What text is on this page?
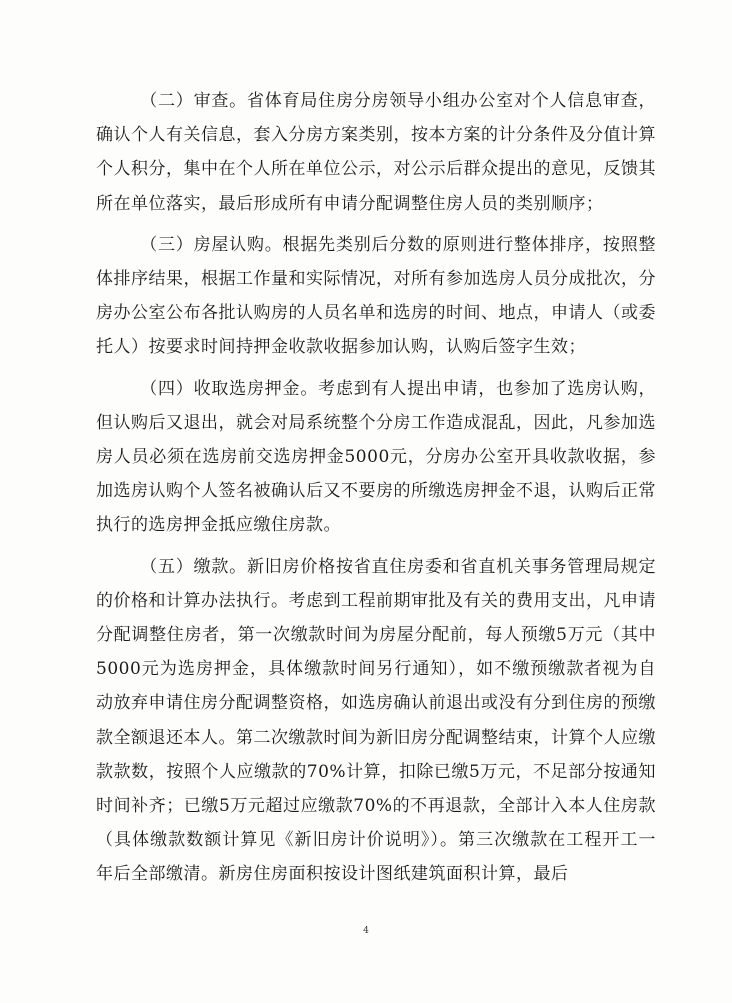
（二）审查。省体育局住房分房领导小组办公室对个人信息审查，确认个人有关信息，套入分房方案类别，按本方案的计分条件及分值计算个人积分，集中在个人所在单位公示，对公示后群众提出的意见，反馈其所在单位落实，最后形成所有申请分配调整住房人员的类别顺序；

（三）房屋认购。根据先类别后分数的原则进行整体排序，按照整体排序结果，根据工作量和实际情况，对所有参加选房人员分成批次，分房办公室公布各批认购房的人员名单和选房的时间、地点，申请人（或委托人）按要求时间持押金收款收据参加认购，认购后签字生效；

（四）收取选房押金。考虑到有人提出申请，也参加了选房认购，但认购后又退出，就会对局系统整个分房工作造成混乱，因此，凡参加选房人员必须在选房前交选房押金5000元，分房办公室开具收款收据，参加选房认购个人签名被确认后又不要房的所缴选房押金不退，认购后正常执行的选房押金抵应缴住房款。

（五）缴款。新旧房价格按省直住房委和省直机关事务管理局规定的价格和计算办法执行。考虑到工程前期审批及有关的费用支出，凡申请分配调整住房者，第一次缴款时间为房屋分配前，每人预缴5万元（其中5000元为选房押金，具体缴款时间另行通知），如不缴预缴款者视为自动放弃申请住房分配调整资格，如选房确认前退出或没有分到住房的预缴款全额退还本人。第二次缴款时间为新旧房分配调整结束，计算个人应缴款款数，按照个人应缴款的70%计算，扣除已缴5万元，不足部分按通知时间补齐；已缴5万元超过应缴款70%的不再退款，全部计入本人住房款（具体缴款数额计算见《新旧房计价说明》）。第三次缴款在工程开工一年后全部缴清。新房住房面积按设计图纸建筑面积计算，最后

4
